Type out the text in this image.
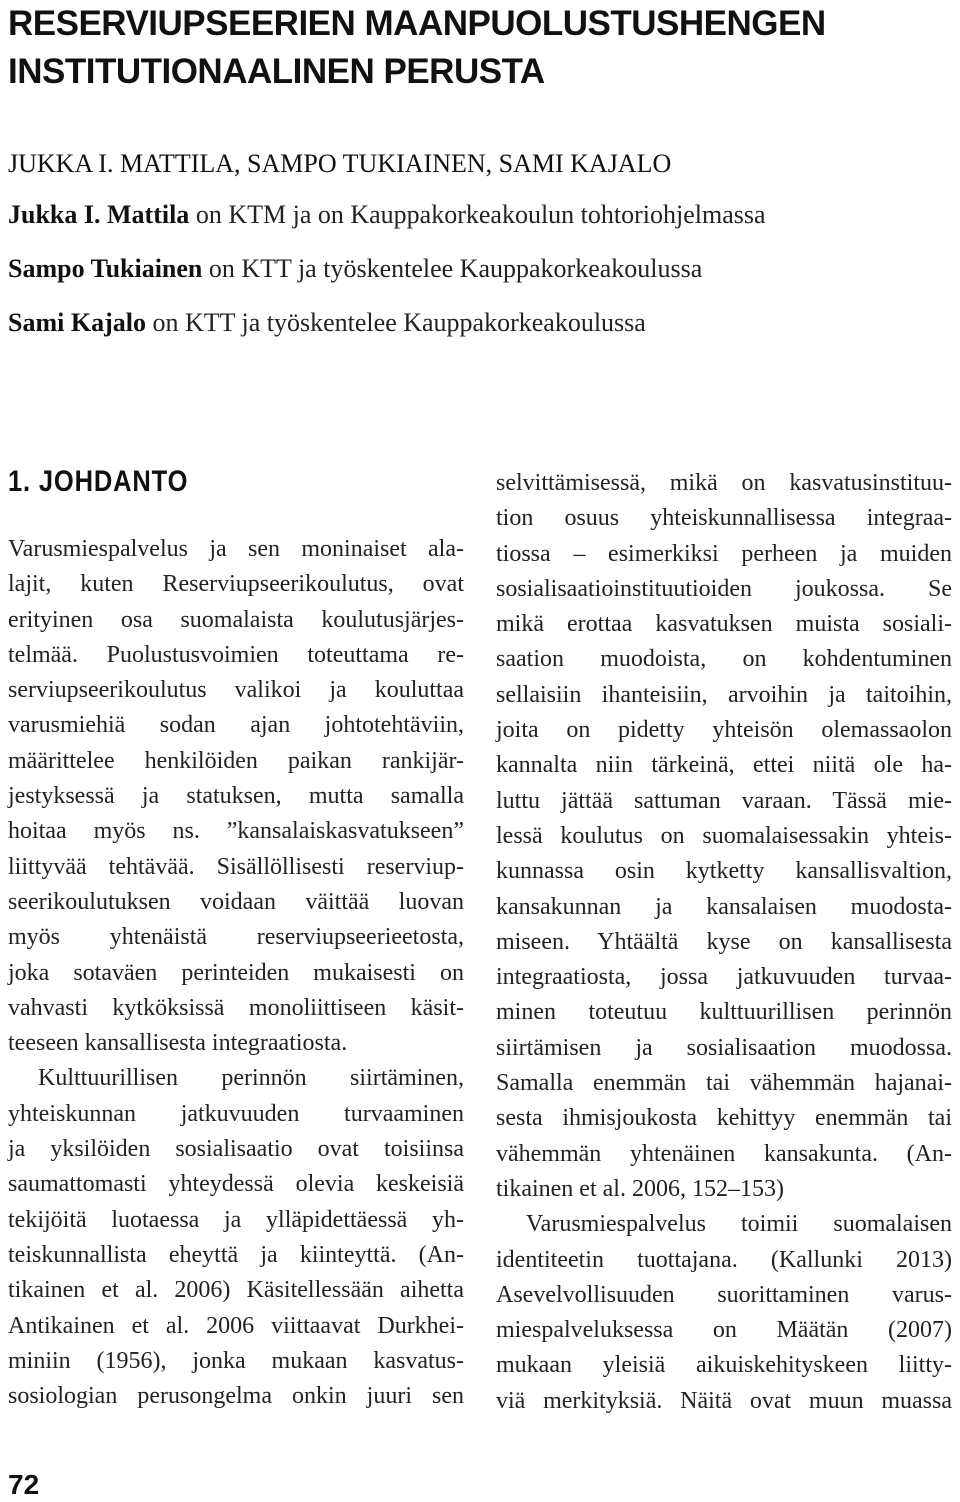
RESERVIUPSEERIEN MAANPUOLUSTUSHENGEN
INSTITUTIONAALINEN PERUSTA

JUKKA I. MATTILA, SAMPO TUKIAINEN, SAMI KAJALO

Jukka I. Mattila on KTM ja on Kauppakorkeakoulun tohtoriohjelmassa

Sampo Tukiainen on KTT ja työskentelee Kauppakorkeakoulussa

Sami Kajalo on KTT ja työskentelee Kauppakorkeakoulussa

1. JOHDANTO
Varusmiespalvelus ja sen moninaiset ala-
lajit, kuten Reserviupseerikoulutus, ovat
erityinen osa suomalaista koulutusjärjes-
telmää. Puolustusvoimien toteuttama re-
serviupseerikoulutus valikoi ja kouluttaa
varusmiehiä sodan ajan johtotehtäviin,
määrittelee henkilöiden paikan rankijär-
jestyksessä ja statuksen, mutta samalla
hoitaa myös ns. ”kansalaiskasvatukseen”
liittyvää tehtävää. Sisällöllisesti reserviup-
seerikoulutuksen voidaan väittää luovan
myös yhtenäistä reserviupseerieetosta,
joka sotaväen perinteiden mukaisesti on
vahvasti kytköksissä monoliittiseen käsit-
teeseen kansallisesta integraatiosta.
Kulttuurillisen perinnön siirtäminen,
yhteiskunnan jatkuvuuden turvaaminen
ja yksilöiden sosialisaatio ovat toisiinsa
saumattomasti yhteydessä olevia keskeisiä
tekijöitä luotaessa ja ylläpidettäessä yh-
teiskunnallista eheyttä ja kiinteyttä. (An-
tikainen et al. 2006) Käsitellessään aihetta
Antikainen et al. 2006 viittaavat Durkhei-
miniin (1956), jonka mukaan kasvatus-
sosiologian perusongelma onkin juuri sen
selvittämisessä, mikä on kasvatusinstituu-
tion osuus yhteiskunnallisessa integraa-
tiossa – esimerkiksi perheen ja muiden
sosialisaatioinstituutioiden joukossa. Se
mikä erottaa kasvatuksen muista sosiali-
saation muodoista, on kohdentuminen
sellaisiin ihanteisiin, arvoihin ja taitoihin,
joita on pidetty yhteisön olemassaolon
kannalta niin tärkeinä, ettei niitä ole ha-
luttu jättää sattuman varaan. Tässä mie-
lessä koulutus on suomalaisessakin yhteis-
kunnassa osin kytketty kansallisvaltion,
kansakunnan ja kansalaisen muodosta-
miseen. Yhtäältä kyse on kansallisesta
integraatiosta, jossa jatkuvuuden turvaa-
minen toteutuu kulttuurillisen perinnön
siirtämisen ja sosialisaation muodossa.
Samalla enemmän tai vähemmän hajanai-
sesta ihmisjoukosta kehittyy enemmän tai
vähemmän yhtenäinen kansakunta. (An-
tikainen et al. 2006, 152–153)
Varusmiespalvelus toimii suomalaisen
identiteetin tuottajana. (Kallunki 2013)
Asevelvollisuuden suorittaminen varus-
miespalveluksessa on Määtän (2007)
mukaan yleisiä aikuiskehityskeen liitty-
viä merkityksiä. Näitä ovat muun muassa

72
